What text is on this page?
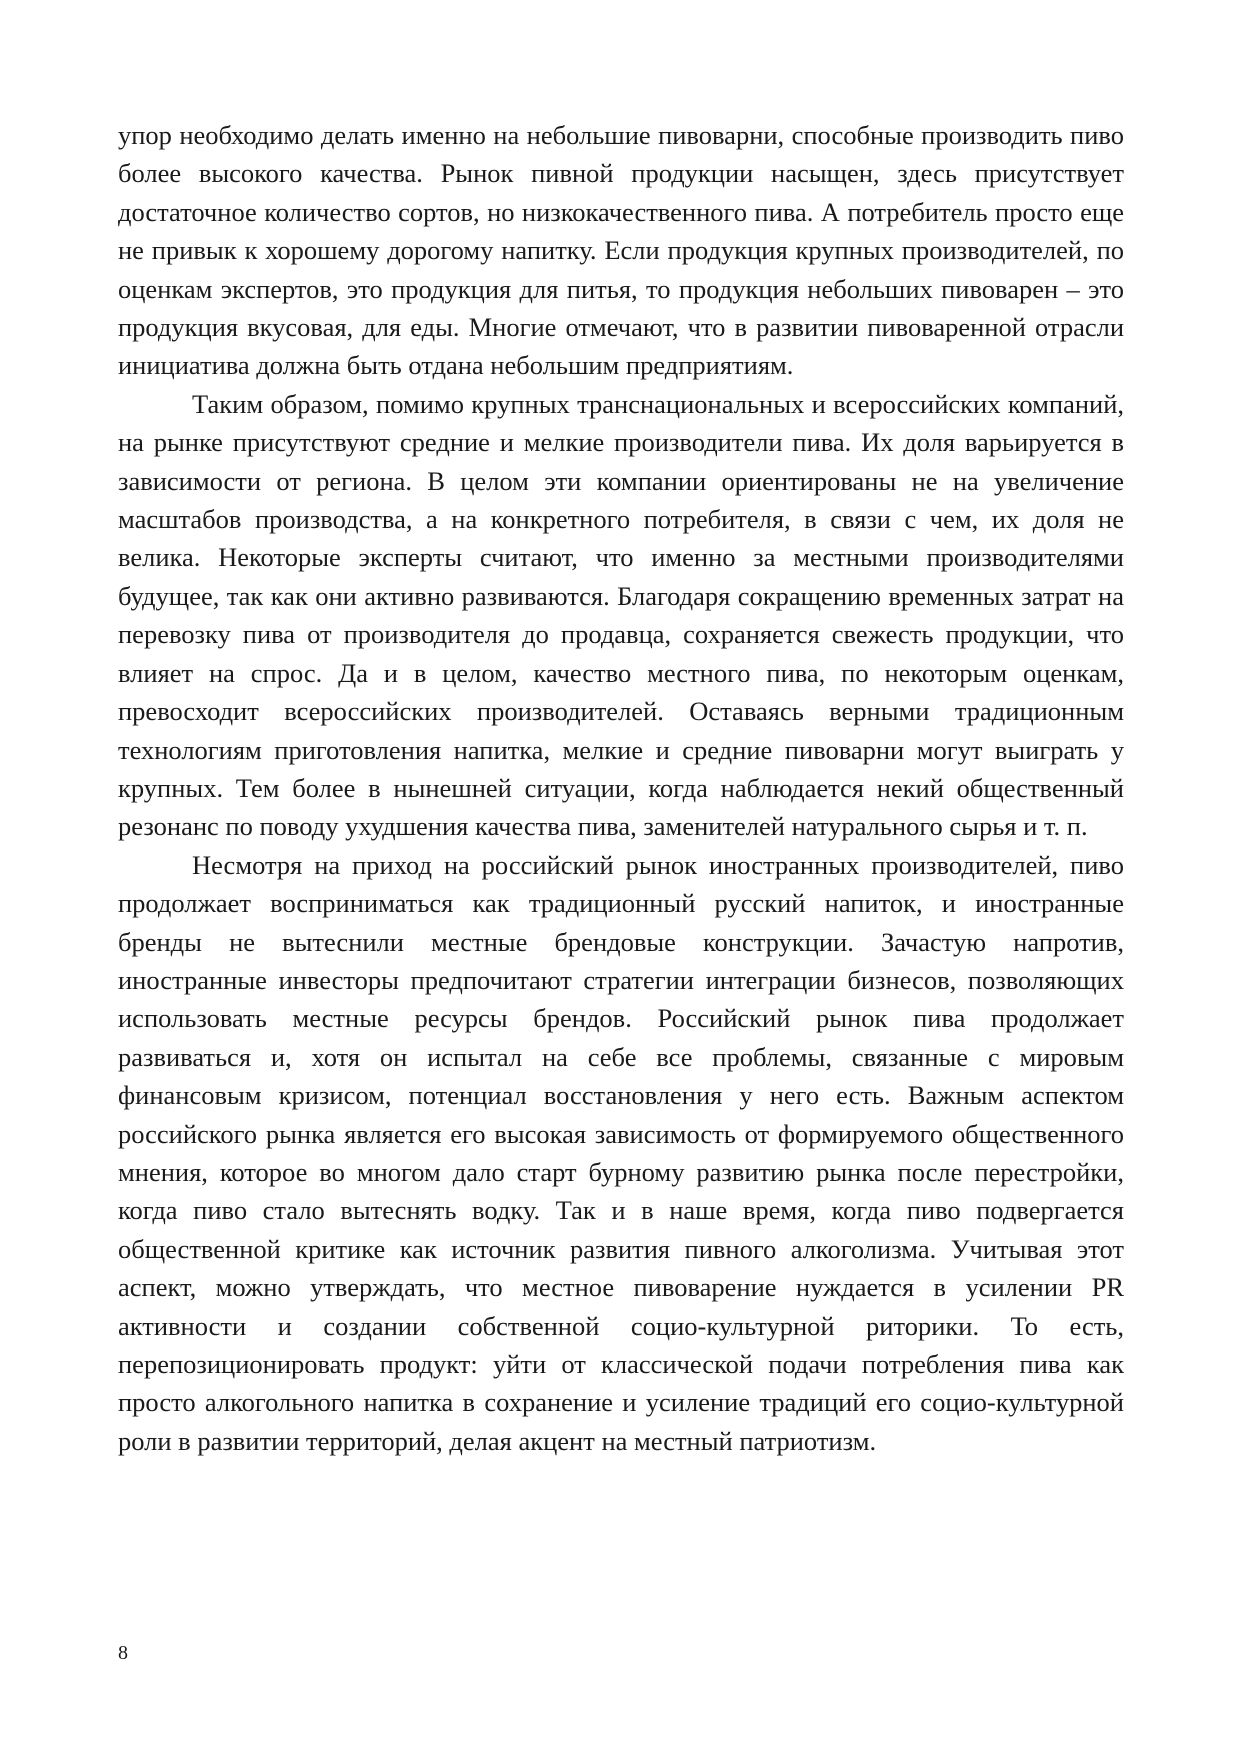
упор необходимо делать именно на небольшие пивоварни, способные производить пиво более высокого качества. Рынок пивной продукции насыщен, здесь присутствует достаточное количество сортов, но низкокачественного пива. А потребитель просто еще не привык к хорошему дорогому напитку. Если продукция крупных производителей, по оценкам экспертов, это продукция для питья, то продукция небольших пивоварен – это продукция вкусовая, для еды. Многие отмечают, что в развитии пивоваренной отрасли инициатива должна быть отдана небольшим предприятиям.

Таким образом, помимо крупных транснациональных и всероссийских компаний, на рынке присутствуют средние и мелкие производители пива. Их доля варьируется в зависимости от региона. В целом эти компании ориентированы не на увеличение масштабов производства, а на конкретного потребителя, в связи с чем, их доля не велика. Некоторые эксперты считают, что именно за местными производителями будущее, так как они активно развиваются. Благодаря сокращению временных затрат на перевозку пива от производителя до продавца, сохраняется свежесть продукции, что влияет на спрос. Да и в целом, качество местного пива, по некоторым оценкам, превосходит всероссийских производителей. Оставаясь верными традиционным технологиям приготовления напитка, мелкие и средние пивоварни могут выиграть у крупных. Тем более в нынешней ситуации, когда наблюдается некий общественный резонанс по поводу ухудшения качества пива, заменителей натурального сырья и т. п.

Несмотря на приход на российский рынок иностранных производителей, пиво продолжает восприниматься как традиционный русский напиток, и иностранные бренды не вытеснили местные брендовые конструкции. Зачастую напротив, иностранные инвесторы предпочитают стратегии интеграции бизнесов, позволяющих использовать местные ресурсы брендов. Российский рынок пива продолжает развиваться и, хотя он испытал на себе все проблемы, связанные с мировым финансовым кризисом, потенциал восстановления у него есть. Важным аспектом российского рынка является его высокая зависимость от формируемого общественного мнения, которое во многом дало старт бурному развитию рынка после перестройки, когда пиво стало вытеснять водку. Так и в наше время, когда пиво подвергается общественной критике как источник развития пивного алкоголизма. Учитывая этот аспект, можно утверждать, что местное пивоварение нуждается в усилении PR активности и создании собственной социо-культурной риторики. То есть, перепозиционировать продукт: уйти от классической подачи потребления пива как просто алкогольного напитка в сохранение и усиление традиций его социо-культурной роли в развитии территорий, делая акцент на местный патриотизм.

8
